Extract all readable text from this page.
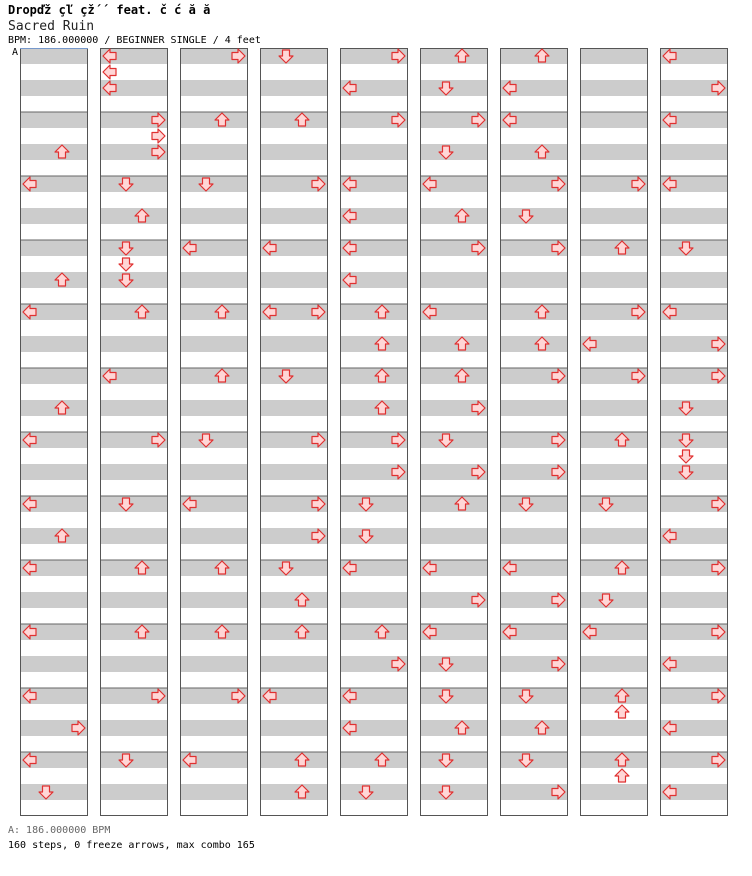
Dropďž çľ çž´´ feat. č ć ă ă
Sacred Ruin
BPM: 186.000000 / BEGINNER SINGLE / 4 feet
A
A: 186.000000 BPM
160 steps, 0 freeze arrows, max combo 165
